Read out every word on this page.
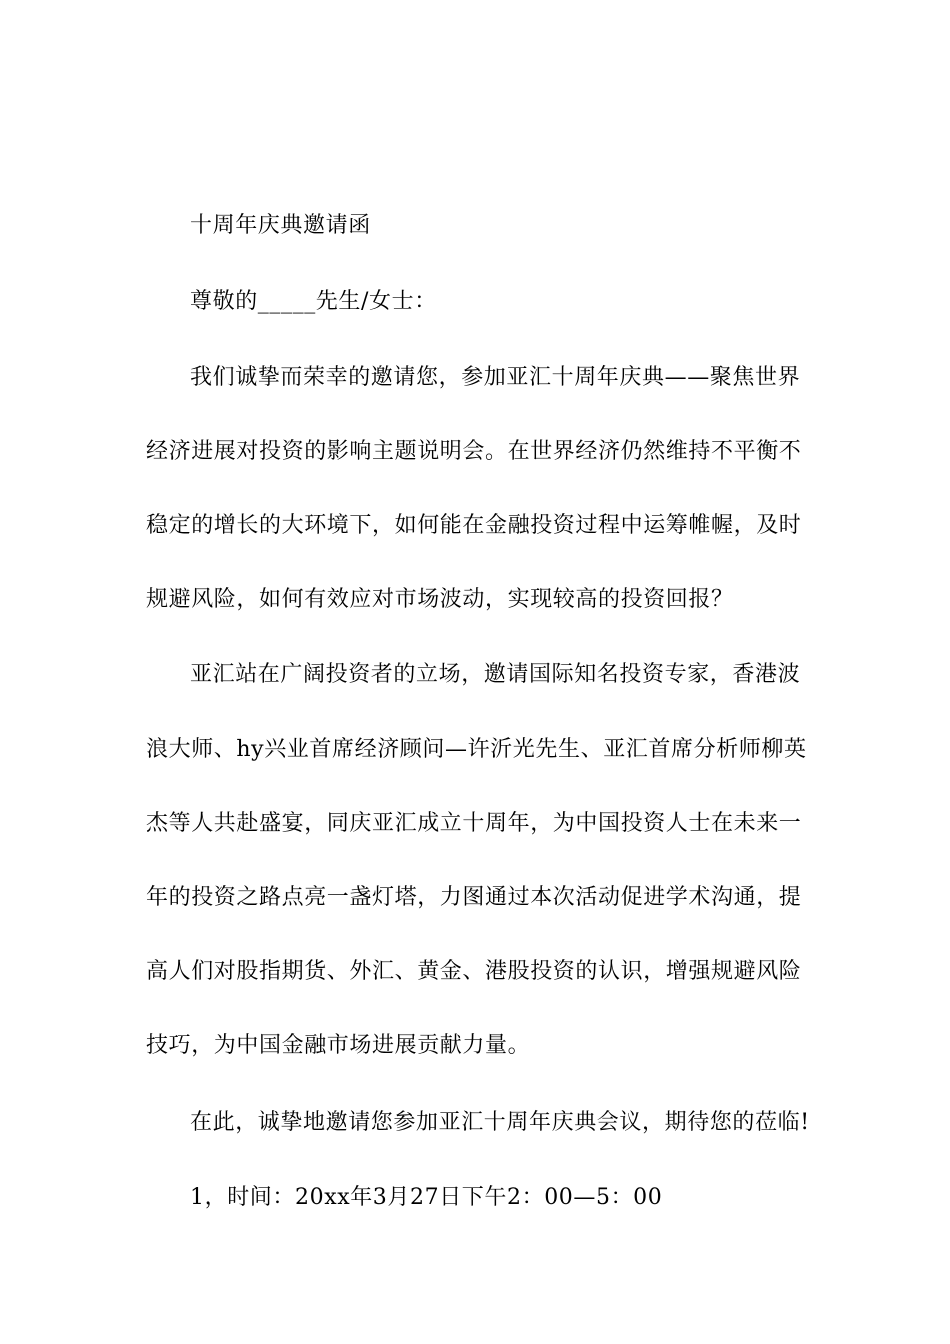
十周年庆典邀请函
尊敬的_____先生/女士：
我们诚挚而荣幸的邀请您，参加亚汇十周年庆典——聚焦世界
经济进展对投资的影响主题说明会。在世界经济仍然维持不平衡不
稳定的增长的大环境下，如何能在金融投资过程中运筹帷幄，及时
规避风险，如何有效应对市场波动，实现较高的投资回报？
亚汇站在广阔投资者的立场，邀请国际知名投资专家，香港波
浪大师、hy兴业首席经济顾问—许沂光先生、亚汇首席分析师柳英
杰等人共赴盛宴，同庆亚汇成立十周年，为中国投资人士在未来一
年的投资之路点亮一盏灯塔，力图通过本次活动促进学术沟通，提
高人们对股指期货、外汇、黄金、港股投资的认识，增强规避风险
技巧，为中国金融市场进展贡献力量。
在此，诚挚地邀请您参加亚汇十周年庆典会议，期待您的莅临!
1，时间：20xx年3月27日下午2：00—5：00
